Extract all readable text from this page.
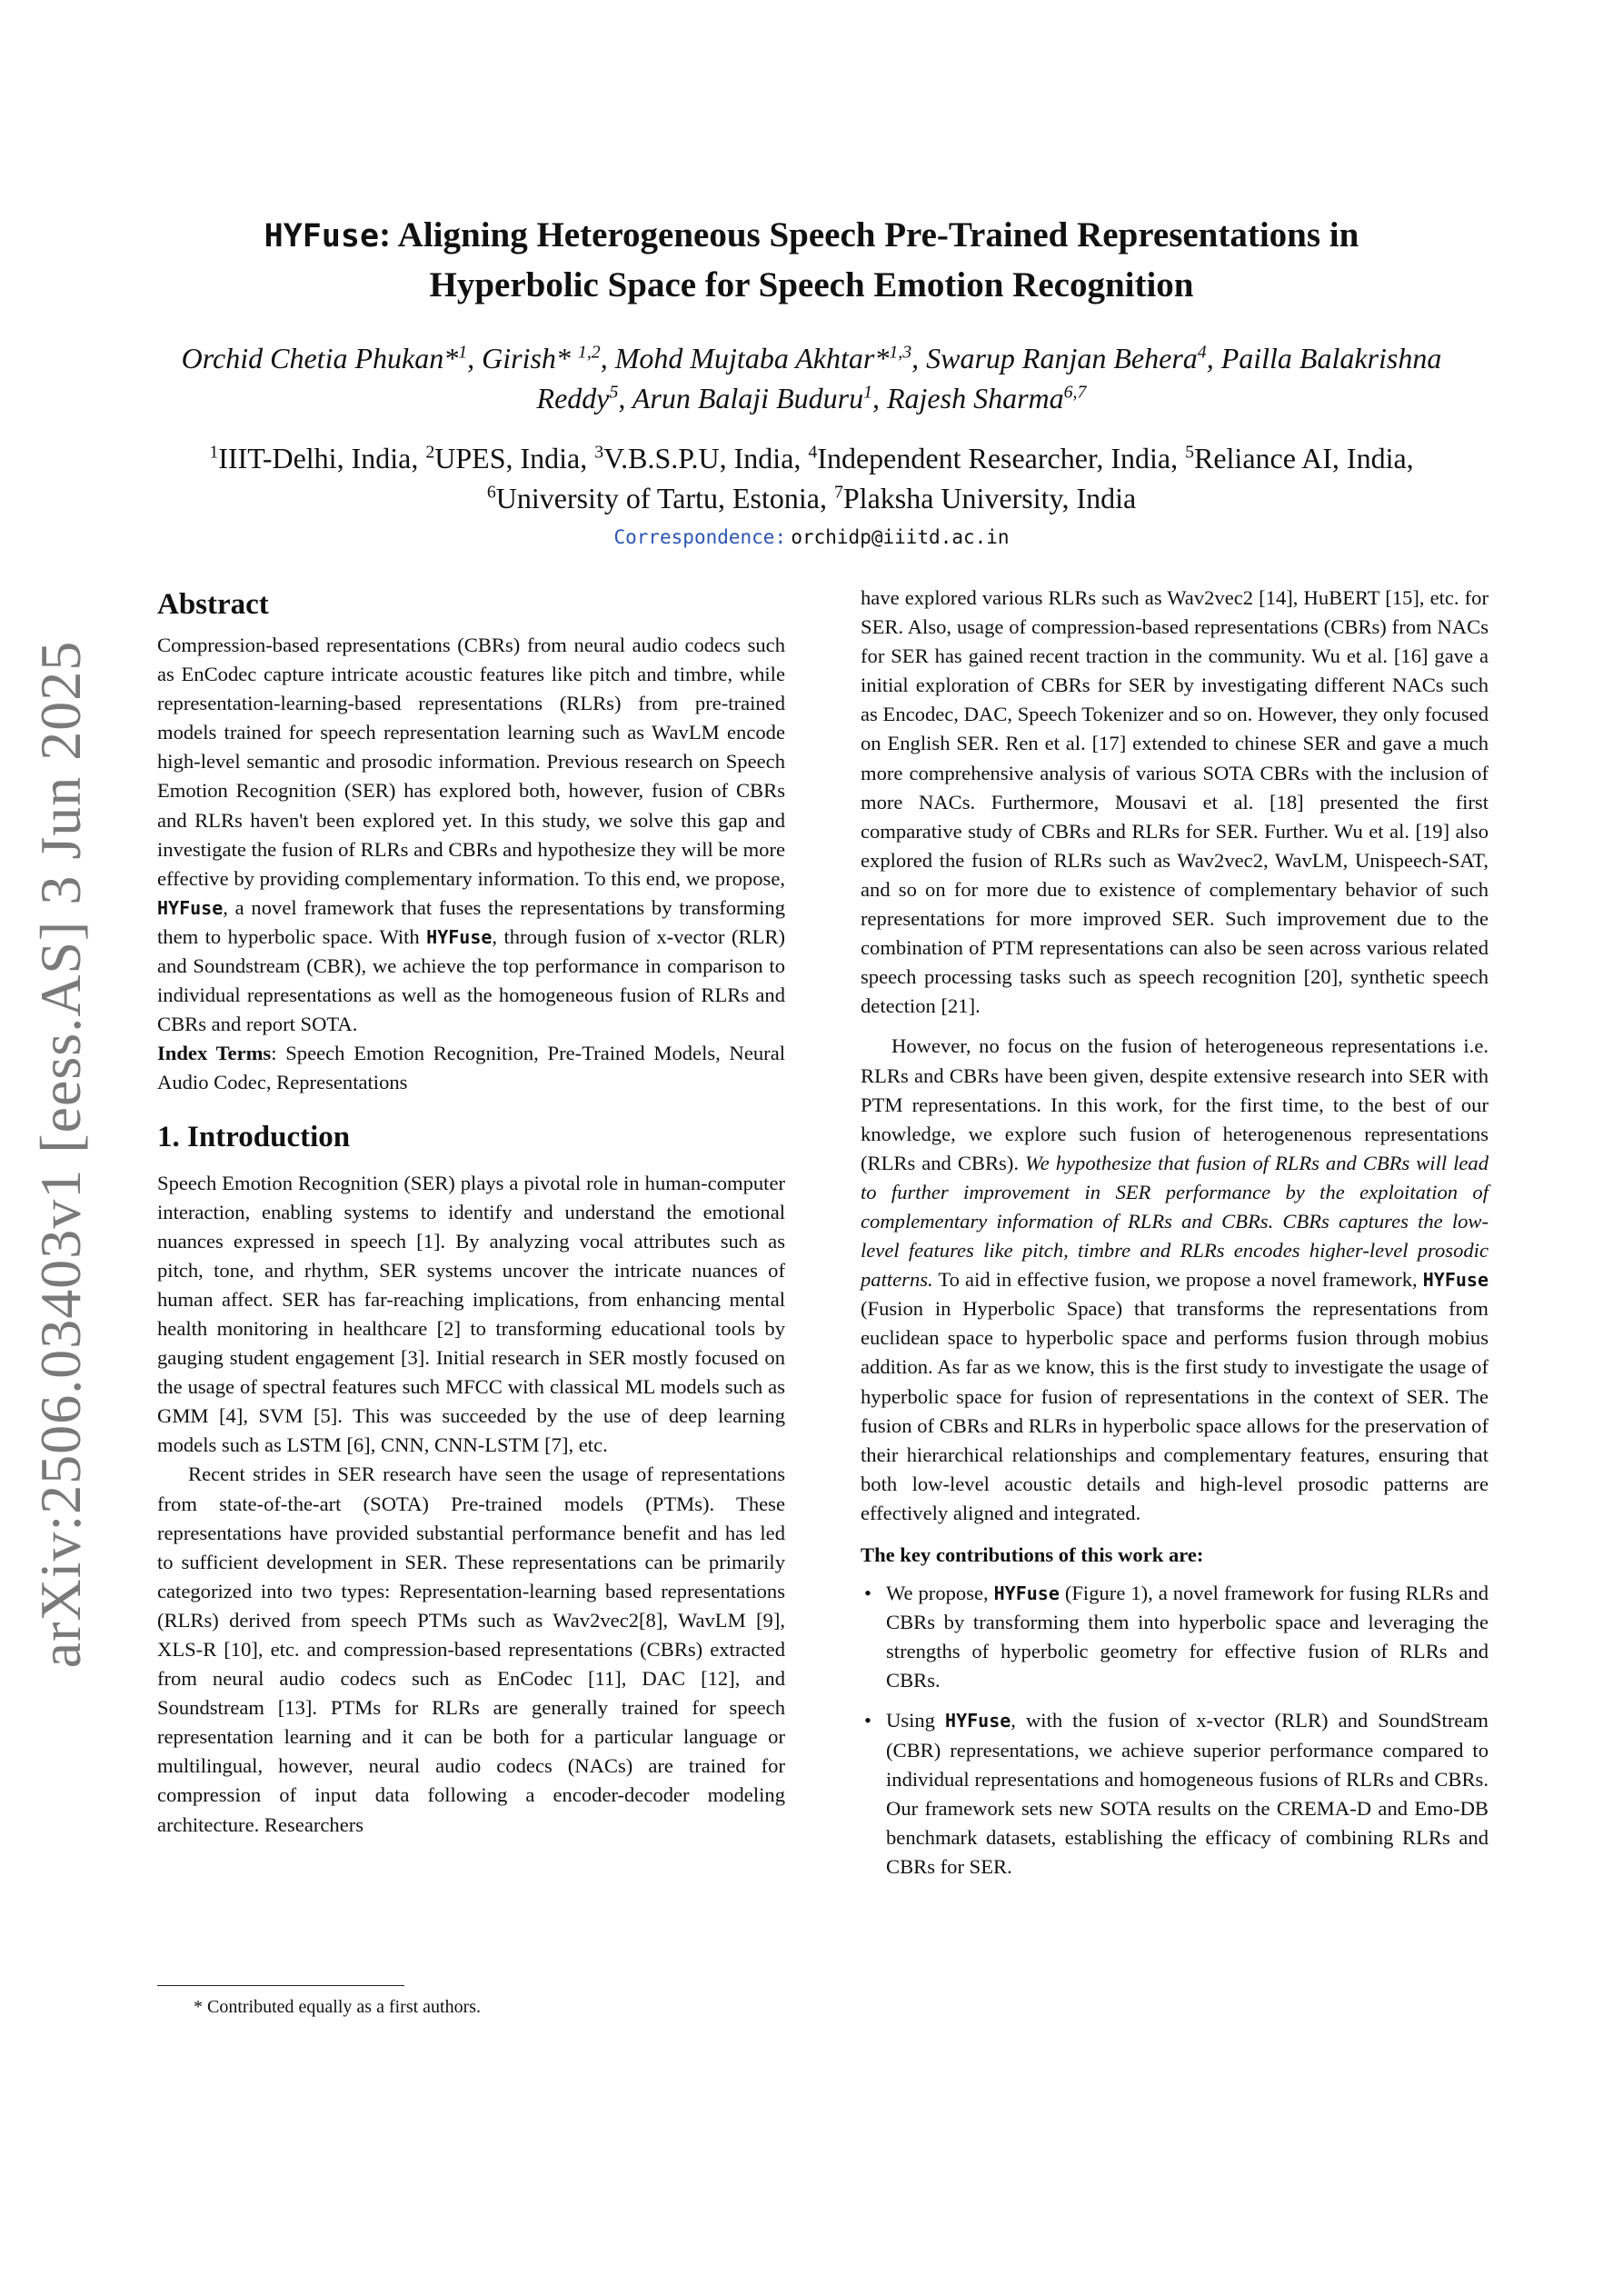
arXiv:2506.03403v1 [eess.AS] 3 Jun 2025
HYFuse: Aligning Heterogeneous Speech Pre-Trained Representations in
Hyperbolic Space for Speech Emotion Recognition
Orchid Chetia Phukan*$^1$, Girish* $^{1,2}$, Mohd Mujtaba Akhtar*$^{1,3}$, Swarup Ranjan Behera$^4$, Pailla Balakrishna Reddy$^5$, Arun Balaji Buduru$^1$, Rajesh Sharma$^{6,7}$
$^1$IIIT-Delhi, India, $^2$UPES, India, $^3$V.B.S.P.U, India, $^4$Independent Researcher, India, $^5$Reliance AI, India, $^6$University of Tartu, Estonia, $^7$Plaksha University, India
Correspondence: orchidp@iiitd.ac.in

Abstract

Compression-based representations (CBRs) from neural audio codecs such as EnCodec capture intricate acoustic features like pitch and timbre, while representation-learning-based representations (RLRs) from pre-trained models trained for speech representation learning such as WavLM encode high-level semantic and prosodic information. Previous research on Speech Emotion Recognition (SER) has explored both, however, fusion of CBRs and RLRs haven't been explored yet. In this study, we solve this gap and investigate the fusion of RLRs and CBRs and hypothesize they will be more effective by providing complementary information. To this end, we propose, HYFuse, a novel framework that fuses the representations by transforming them to hyperbolic space. With HYFuse, through fusion of x-vector (RLR) and Soundstream (CBR), we achieve the top performance in comparison to individual representations as well as the homogeneous fusion of RLRs and CBRs and report SOTA.

Index Terms: Speech Emotion Recognition, Pre-Trained Models, Neural Audio Codec, Representations

1. Introduction

Speech Emotion Recognition (SER) plays a pivotal role in human-computer interaction, enabling systems to identify and understand the emotional nuances expressed in speech [1]. By analyzing vocal attributes such as pitch, tone, and rhythm, SER systems uncover the intricate nuances of human affect. SER has far-reaching implications, from enhancing mental health monitoring in healthcare [2] to transforming educational tools by gauging student engagement [3]. Initial research in SER mostly focused on the usage of spectral features such MFCC with classical ML models such as GMM [4], SVM [5]. This was succeeded by the use of deep learning models such as LSTM [6], CNN, CNN-LSTM [7], etc.

Recent strides in SER research have seen the usage of representations from state-of-the-art (SOTA) Pre-trained models (PTMs). These representations have provided substantial performance benefit and has led to sufficient development in SER. These representations can be primarily categorized into two types: Representation-learning based representations (RLRs) derived from speech PTMs such as Wav2vec2[8], WavLM [9], XLS-R [10], etc. and compression-based representations (CBRs) extracted from neural audio codecs such as EnCodec [11], DAC [12], and Soundstream [13]. PTMs for RLRs are generally trained for speech representation learning and it can be both for a particular language or multilingual, however, neural audio codecs (NACs) are trained for compression of input data following a encoder-decoder modeling architecture. Researchers

* Contributed equally as a first authors.

have explored various RLRs such as Wav2vec2 [14], HuBERT [15], etc. for SER. Also, usage of compression-based representations (CBRs) from NACs for SER has gained recent traction in the community. Wu et al. [16] gave a initial exploration of CBRs for SER by investigating different NACs such as Encodec, DAC, Speech Tokenizer and so on. However, they only focused on English SER. Ren et al. [17] extended to chinese SER and gave a much more comprehensive analysis of various SOTA CBRs with the inclusion of more NACs. Furthermore, Mousavi et al. [18] presented the first comparative study of CBRs and RLRs for SER. Further. Wu et al. [19] also explored the fusion of RLRs such as Wav2vec2, WavLM, Unispeech-SAT, and so on for more due to existence of complementary behavior of such representations for more improved SER. Such improvement due to the combination of PTM representations can also be seen across various related speech processing tasks such as speech recognition [20], synthetic speech detection [21].

However, no focus on the fusion of heterogeneous representations i.e. RLRs and CBRs have been given, despite extensive research into SER with PTM representations. In this work, for the first time, to the best of our knowledge, we explore such fusion of heterogenenous representations (RLRs and CBRs). We hypothesize that fusion of RLRs and CBRs will lead to further improvement in SER performance by the exploitation of complementary information of RLRs and CBRs. CBRs captures the low-level features like pitch, timbre and RLRs encodes higher-level prosodic patterns. To aid in effective fusion, we propose a novel framework, HYFuse (Fusion in Hyperbolic Space) that transforms the representations from euclidean space to hyperbolic space and performs fusion through mobius addition. As far as we know, this is the first study to investigate the usage of hyperbolic space for fusion of representations in the context of SER. The fusion of CBRs and RLRs in hyperbolic space allows for the preservation of their hierarchical relationships and complementary features, ensuring that both low-level acoustic details and high-level prosodic patterns are effectively aligned and integrated.

The key contributions of this work are:

• We propose, HYFuse (Figure 1), a novel framework for fusing RLRs and CBRs by transforming them into hyperbolic space and leveraging the strengths of hyperbolic geometry for effective fusion of RLRs and CBRs.
• Using HYFuse, with the fusion of x-vector (RLR) and SoundStream (CBR) representations, we achieve superior performance compared to individual representations and homogeneous fusions of RLRs and CBRs. Our framework sets new SOTA results on the CREMA-D and Emo-DB benchmark datasets, establishing the efficacy of combining RLRs and CBRs for SER.
